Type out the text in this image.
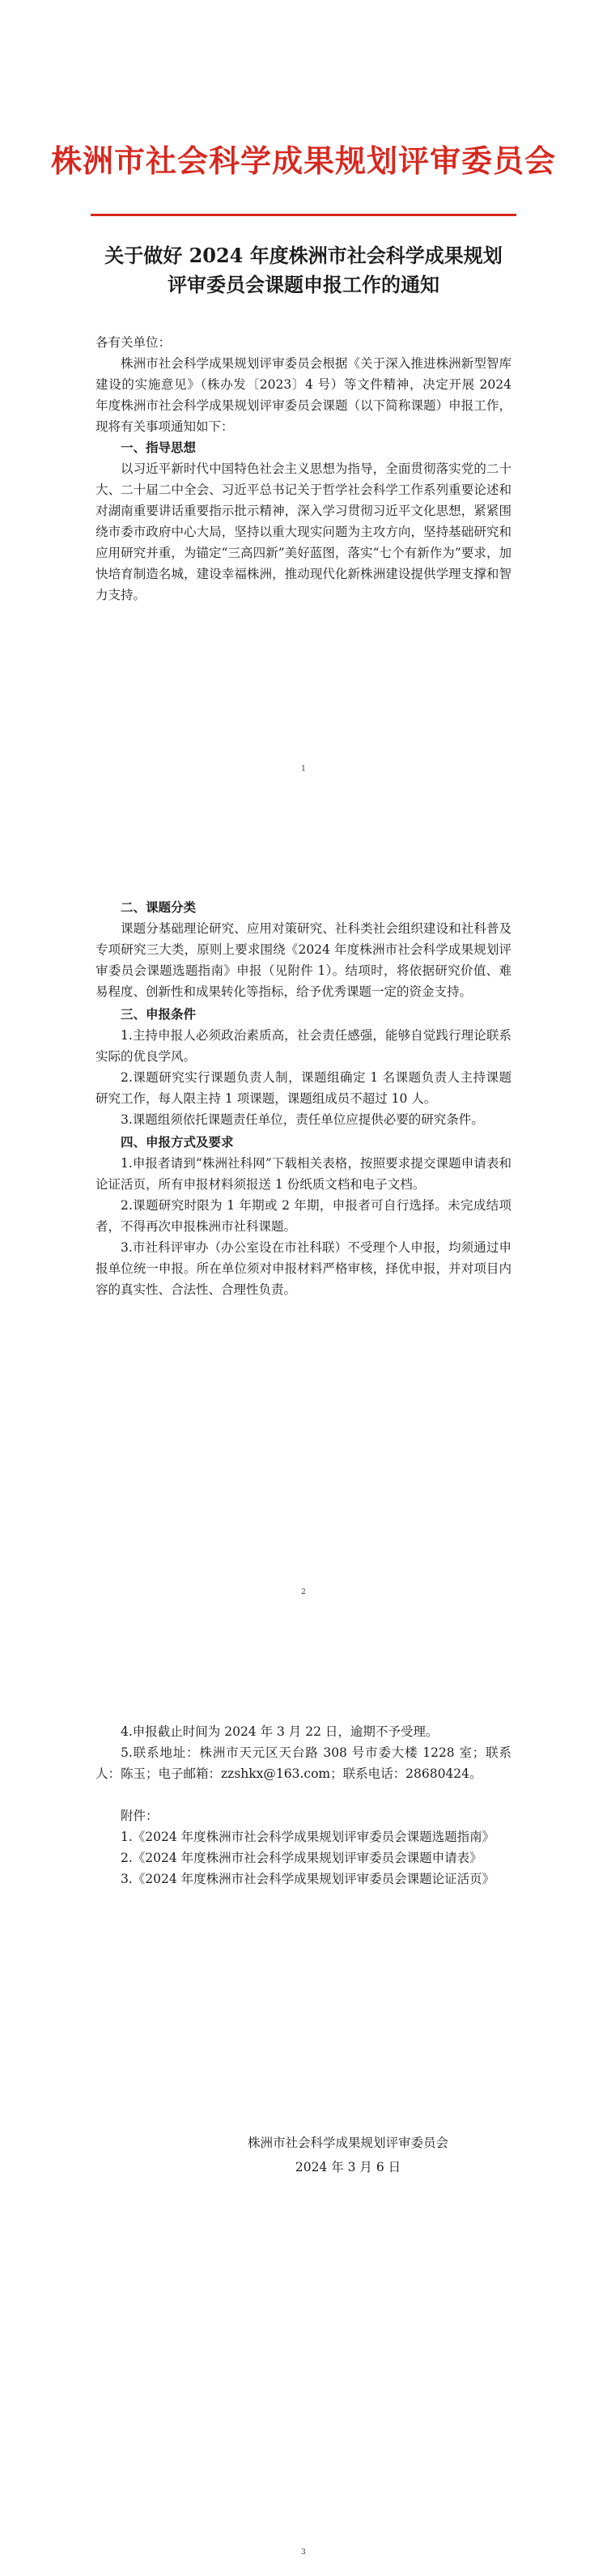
株洲市社会科学成果规划评审委员会
关于做好 2024 年度株洲市社会科学成果规划评审委员会课题申报工作的通知

各有关单位：

株洲市社会科学成果规划评审委员会根据《关于深入推进株洲新型智库建设的实施意见》（株办发〔2023〕4 号）等文件精神，决定开展 2024 年度株洲市社会科学成果规划评审委员会课题（以下简称课题）申报工作，现将有关事项通知如下：

一、指导思想

以习近平新时代中国特色社会主义思想为指导，全面贯彻落实党的二十大、二十届二中全会、习近平总书记关于哲学社会科学工作系列重要论述和对湖南重要讲话重要指示批示精神，深入学习贯彻习近平文化思想，紧紧围绕市委市政府中心大局，坚持以重大现实问题为主攻方向，坚持基础研究和应用研究并重，为锚定“三高四新”美好蓝图，落实“七个有新作为”要求，加快培育制造名城，建设幸福株洲，推动现代化新株洲建设提供学理支撑和智力支持。

1
二、课题分类

课题分基础理论研究、应用对策研究、社科类社会组织建设和社科普及专项研究三大类，原则上要求围绕《2024 年度株洲市社会科学成果规划评审委员会课题选题指南》申报（见附件 1）。结项时，将依据研究价值、难易程度、创新性和成果转化等指标，给予优秀课题一定的资金支持。

三、申报条件

1.主持申报人必须政治素质高，社会责任感强，能够自觉践行理论联系实际的优良学风。

2.课题研究实行课题负责人制，课题组确定 1 名课题负责人主持课题研究工作，每人限主持 1 项课题，课题组成员不超过 10 人。

3.课题组须依托课题责任单位，责任单位应提供必要的研究条件。

四、申报方式及要求

1.申报者请到“株洲社科网”下载相关表格，按照要求提交课题申请表和论证活页，所有申报材料须报送 1 份纸质文档和电子文档。

2.课题研究时限为 1 年期或 2 年期，申报者可自行选择。未完成结项者，不得再次申报株洲市社科课题。

3.市社科评审办（办公室设在市社科联）不受理个人申报，均须通过申报单位统一申报。所在单位须对申报材料严格审核，择优申报，并对项目内容的真实性、合法性、合理性负责。

2

4.申报截止时间为 2024 年 3 月 22 日，逾期不予受理。

5.联系地址：株洲市天元区天台路 308 号市委大楼 1228 室；联系人：陈玉；电子邮箱：zzshkx@163.com；联系电话：28680424。

附件：

1.《2024 年度株洲市社会科学成果规划评审委员会课题选题指南》

2.《2024 年度株洲市社会科学成果规划评审委员会课题申请表》

3.《2024 年度株洲市社会科学成果规划评审委员会课题论证活页》

株洲市社会科学成果规划评审委员会
2024 年 3 月 6 日
3
